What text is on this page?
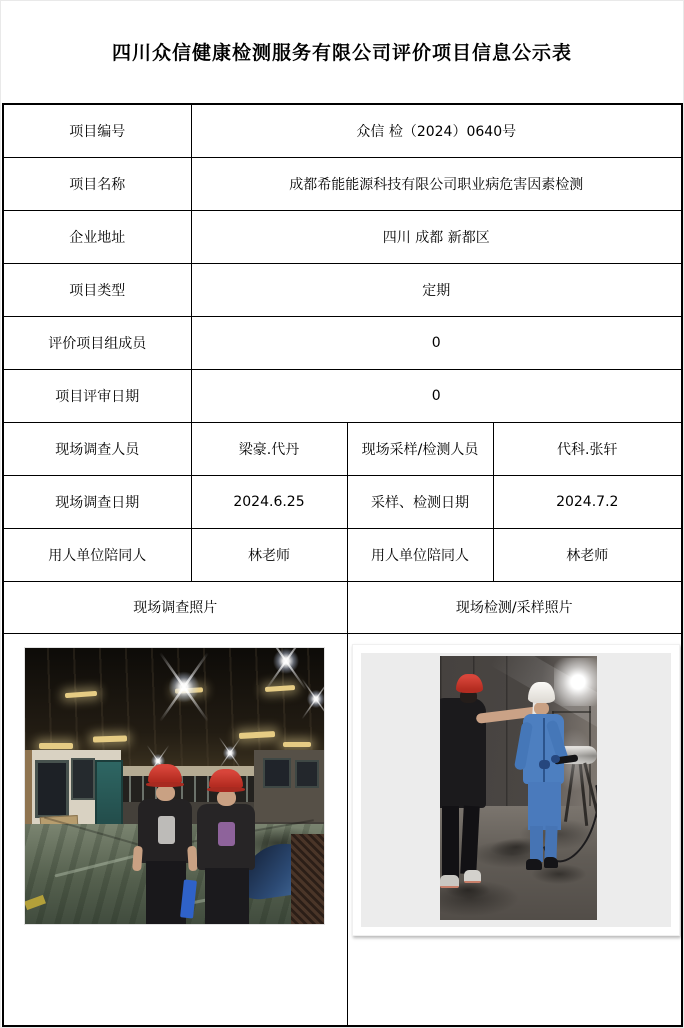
四川众信健康检测服务有限公司评价项目信息公示表
项目编号	众信 检（2024）0640号		
项目名称	成都希能能源科技有限公司职业病危害因素检测		
企业地址	四川 成都 新都区		
项目类型	定期		
评价项目组成员	0		
项目评审日期	0		
现场调查人员	梁豪.代丹	现场采样/检测人员	代科.张轩
现场调查日期	2024.6.25	采样、检测日期	2024.7.2
用人单位陪同人	林老师	用人单位陪同人	林老师
现场调查照片		现场检测/采样照片	
